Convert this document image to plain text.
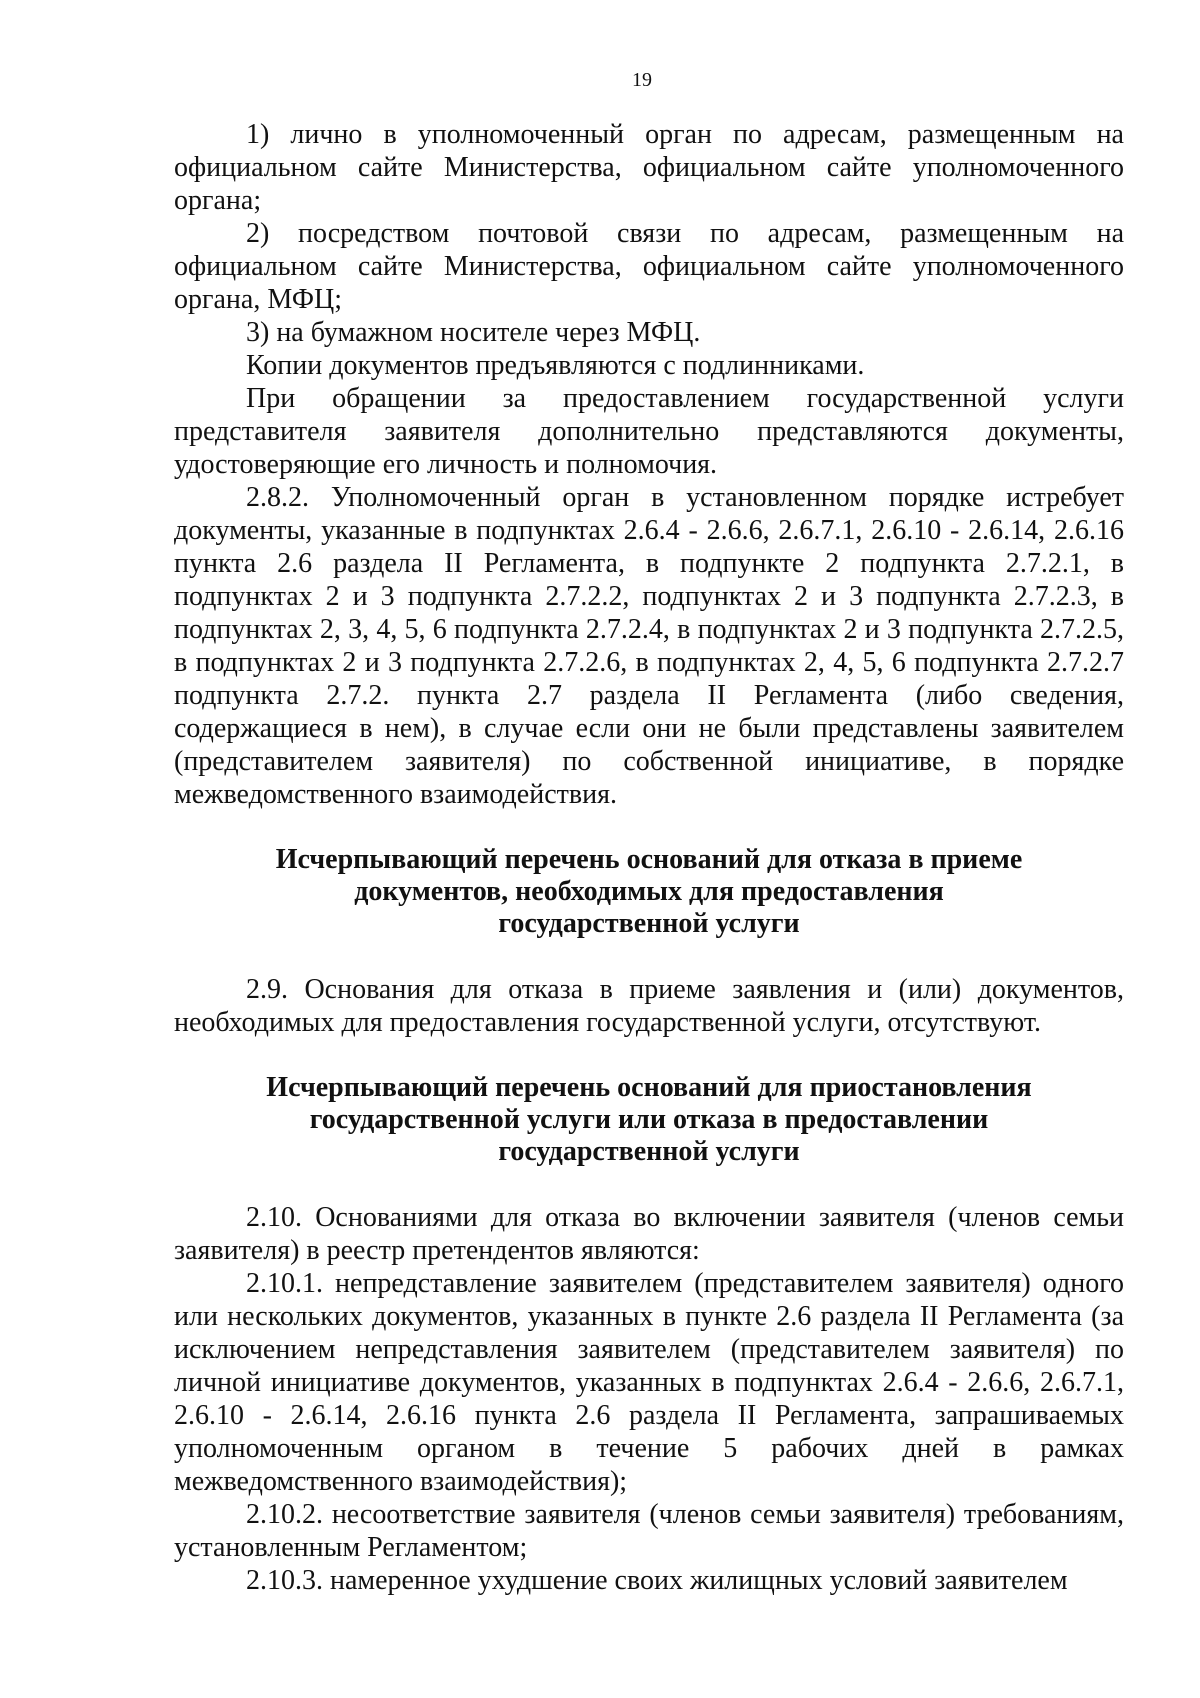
19

1) лично в уполномоченный орган по адресам, размещенным на официальном сайте Министерства, официальном сайте уполномоченного органа;

2) посредством почтовой связи по адресам, размещенным на официальном сайте Министерства, официальном сайте уполномоченного органа, МФЦ;

3) на бумажном носителе через МФЦ.

Копии документов предъявляются с подлинниками.

При обращении за предоставлением государственной услуги представителя заявителя дополнительно представляются документы, удостоверяющие его личность и полномочия.

2.8.2. Уполномоченный орган в установленном порядке истребует документы, указанные в подпунктах 2.6.4 - 2.6.6, 2.6.7.1, 2.6.10 - 2.6.14, 2.6.16 пункта 2.6 раздела II Регламента, в подпункте 2 подпункта 2.7.2.1, в подпунктах 2 и 3 подпункта 2.7.2.2, подпунктах 2 и 3 подпункта 2.7.2.3, в подпунктах 2, 3, 4, 5, 6 подпункта 2.7.2.4, в подпунктах 2 и 3 подпункта 2.7.2.5, в подпунктах 2 и 3 подпункта 2.7.2.6, в подпунктах 2, 4, 5, 6 подпункта 2.7.2.7 подпункта 2.7.2. пункта 2.7 раздела II Регламента (либо сведения, содержащиеся в нем), в случае если они не были представлены заявителем (представителем заявителя) по собственной инициативе, в порядке межведомственного взаимодействия.

Исчерпывающий перечень оснований для отказа в приеме
документов, необходимых для предоставления
государственной услуги

2.9. Основания для отказа в приеме заявления и (или) документов, необходимых для предоставления государственной услуги, отсутствуют.

Исчерпывающий перечень оснований для приостановления
государственной услуги или отказа в предоставлении
государственной услуги

2.10. Основаниями для отказа во включении заявителя (членов семьи заявителя) в реестр претендентов являются:

2.10.1. непредставление заявителем (представителем заявителя) одного или нескольких документов, указанных в пункте 2.6 раздела II Регламента (за исключением непредставления заявителем (представителем заявителя) по личной инициативе документов, указанных в подпунктах 2.6.4 - 2.6.6, 2.6.7.1, 2.6.10 - 2.6.14, 2.6.16 пункта 2.6 раздела II Регламента, запрашиваемых уполномоченным органом в течение 5 рабочих дней в рамках межведомственного взаимодействия);

2.10.2. несоответствие заявителя (членов семьи заявителя) требованиям, установленным Регламентом;

2.10.3. намеренное ухудшение своих жилищных условий заявителем
